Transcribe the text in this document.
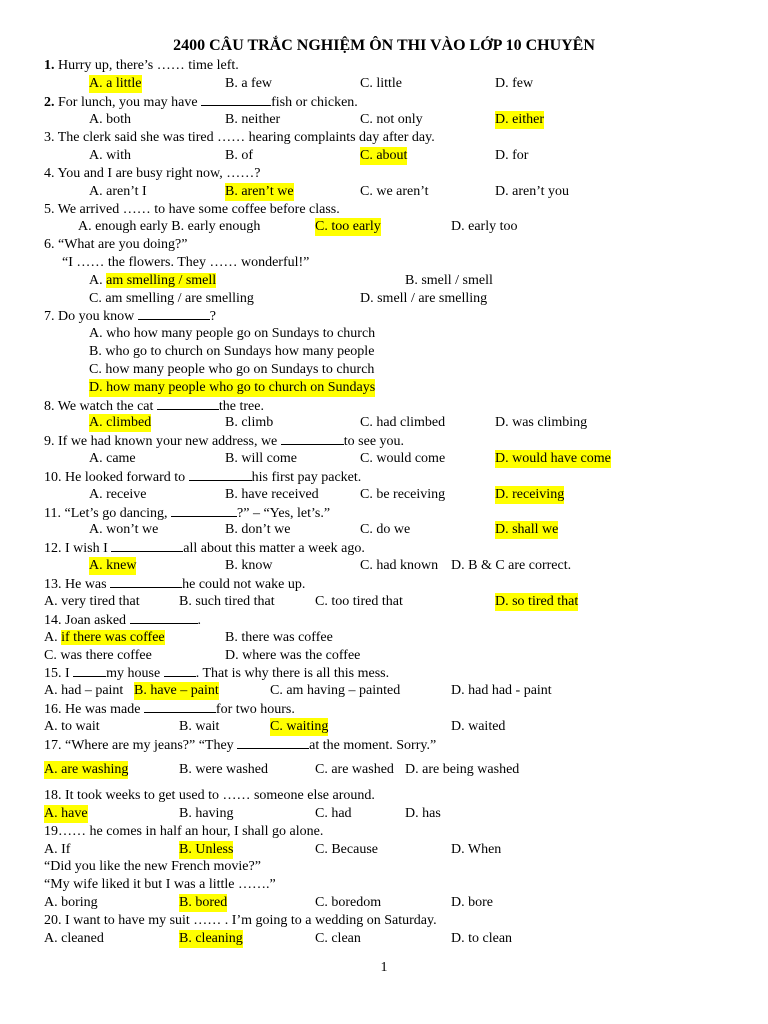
2400 CÂU TRẮC NGHIỆM ÔN THI VÀO LỚP 10 CHUYÊN
1. Hurry up, there’s …… time left.
A. a little	B. a few	C. little	D. few
2. For lunch, you may have	fish or chicken.
A. both	B. neither	C. not only	D. either
3. The clerk said she was tired …… hearing complaints day after day.
A. with	B. of	C. about	D. for
4. You and I are busy right now, ……?
A. aren’t I	B. aren’t we	C. we aren’t	D. aren’t you
5. We arrived …… to have some coffee before class.
A. enough early B. early enough	C. too early	D. early too
6. “What are you doing?”
“I …… the flowers. They …… wonderful!”
A. am smelling / smell	B. smell / smell
C. am smelling / are smelling	D. smell / are smelling
7. Do you know	?
A. who how many people go on Sundays to church
B. who go to church on Sundays how many people
C. how many people who go on Sundays to church
D. how many people who go to church on Sundays
8. We watch the cat	the tree.
A. climbed	B. climb	C. had climbed	D. was climbing
9. If we had known your new address, we	to see you.
A. came	B. will come	C. would come	D. would have come
10. He looked forward to	his first pay packet.
A. receive	B. have received	C. be receiving	D. receiving
11. “Let’s go dancing,	?” – “Yes, let’s.”
A. won’t we	B. don’t we	C. do we	D. shall we
12. I wish I	all about this matter a week ago.
A. knew	B. know	C. had known D. B & C are correct.
13. He was	he could not wake up.
A. very tired that	B. such tired that	C. too tired that	D. so tired that
14. Joan asked	.
A. if there was coffee	B. there was coffee
C. was there coffee	D. where was the coffee
15. I my house . That is why there is all this mess.
A. had – paint B. have – paint	C. am having – painted	D. had had - paint
16. He was made	for two hours.
A. to wait	B. wait	C. waiting	D. waited
17. “Where are my jeans?” “They	at the moment. Sorry.”
A. are washing	B. were washed	C. are washed D. are being washed
18. It took weeks to get used to …… someone else around.
A. have	B. having	C. had	D. has
19…… he comes in half an hour, I shall go alone.
A. If	B. Unless	C. Because	D. When
“Did you like the new French movie?”
“My wife liked it but I was a little …….”
A. boring	B. bored	C. boredom	D. bore
20. I want to have my suit …… . I’m going to a wedding on Saturday.
A. cleaned	B. cleaning	C. clean	D. to clean
1
